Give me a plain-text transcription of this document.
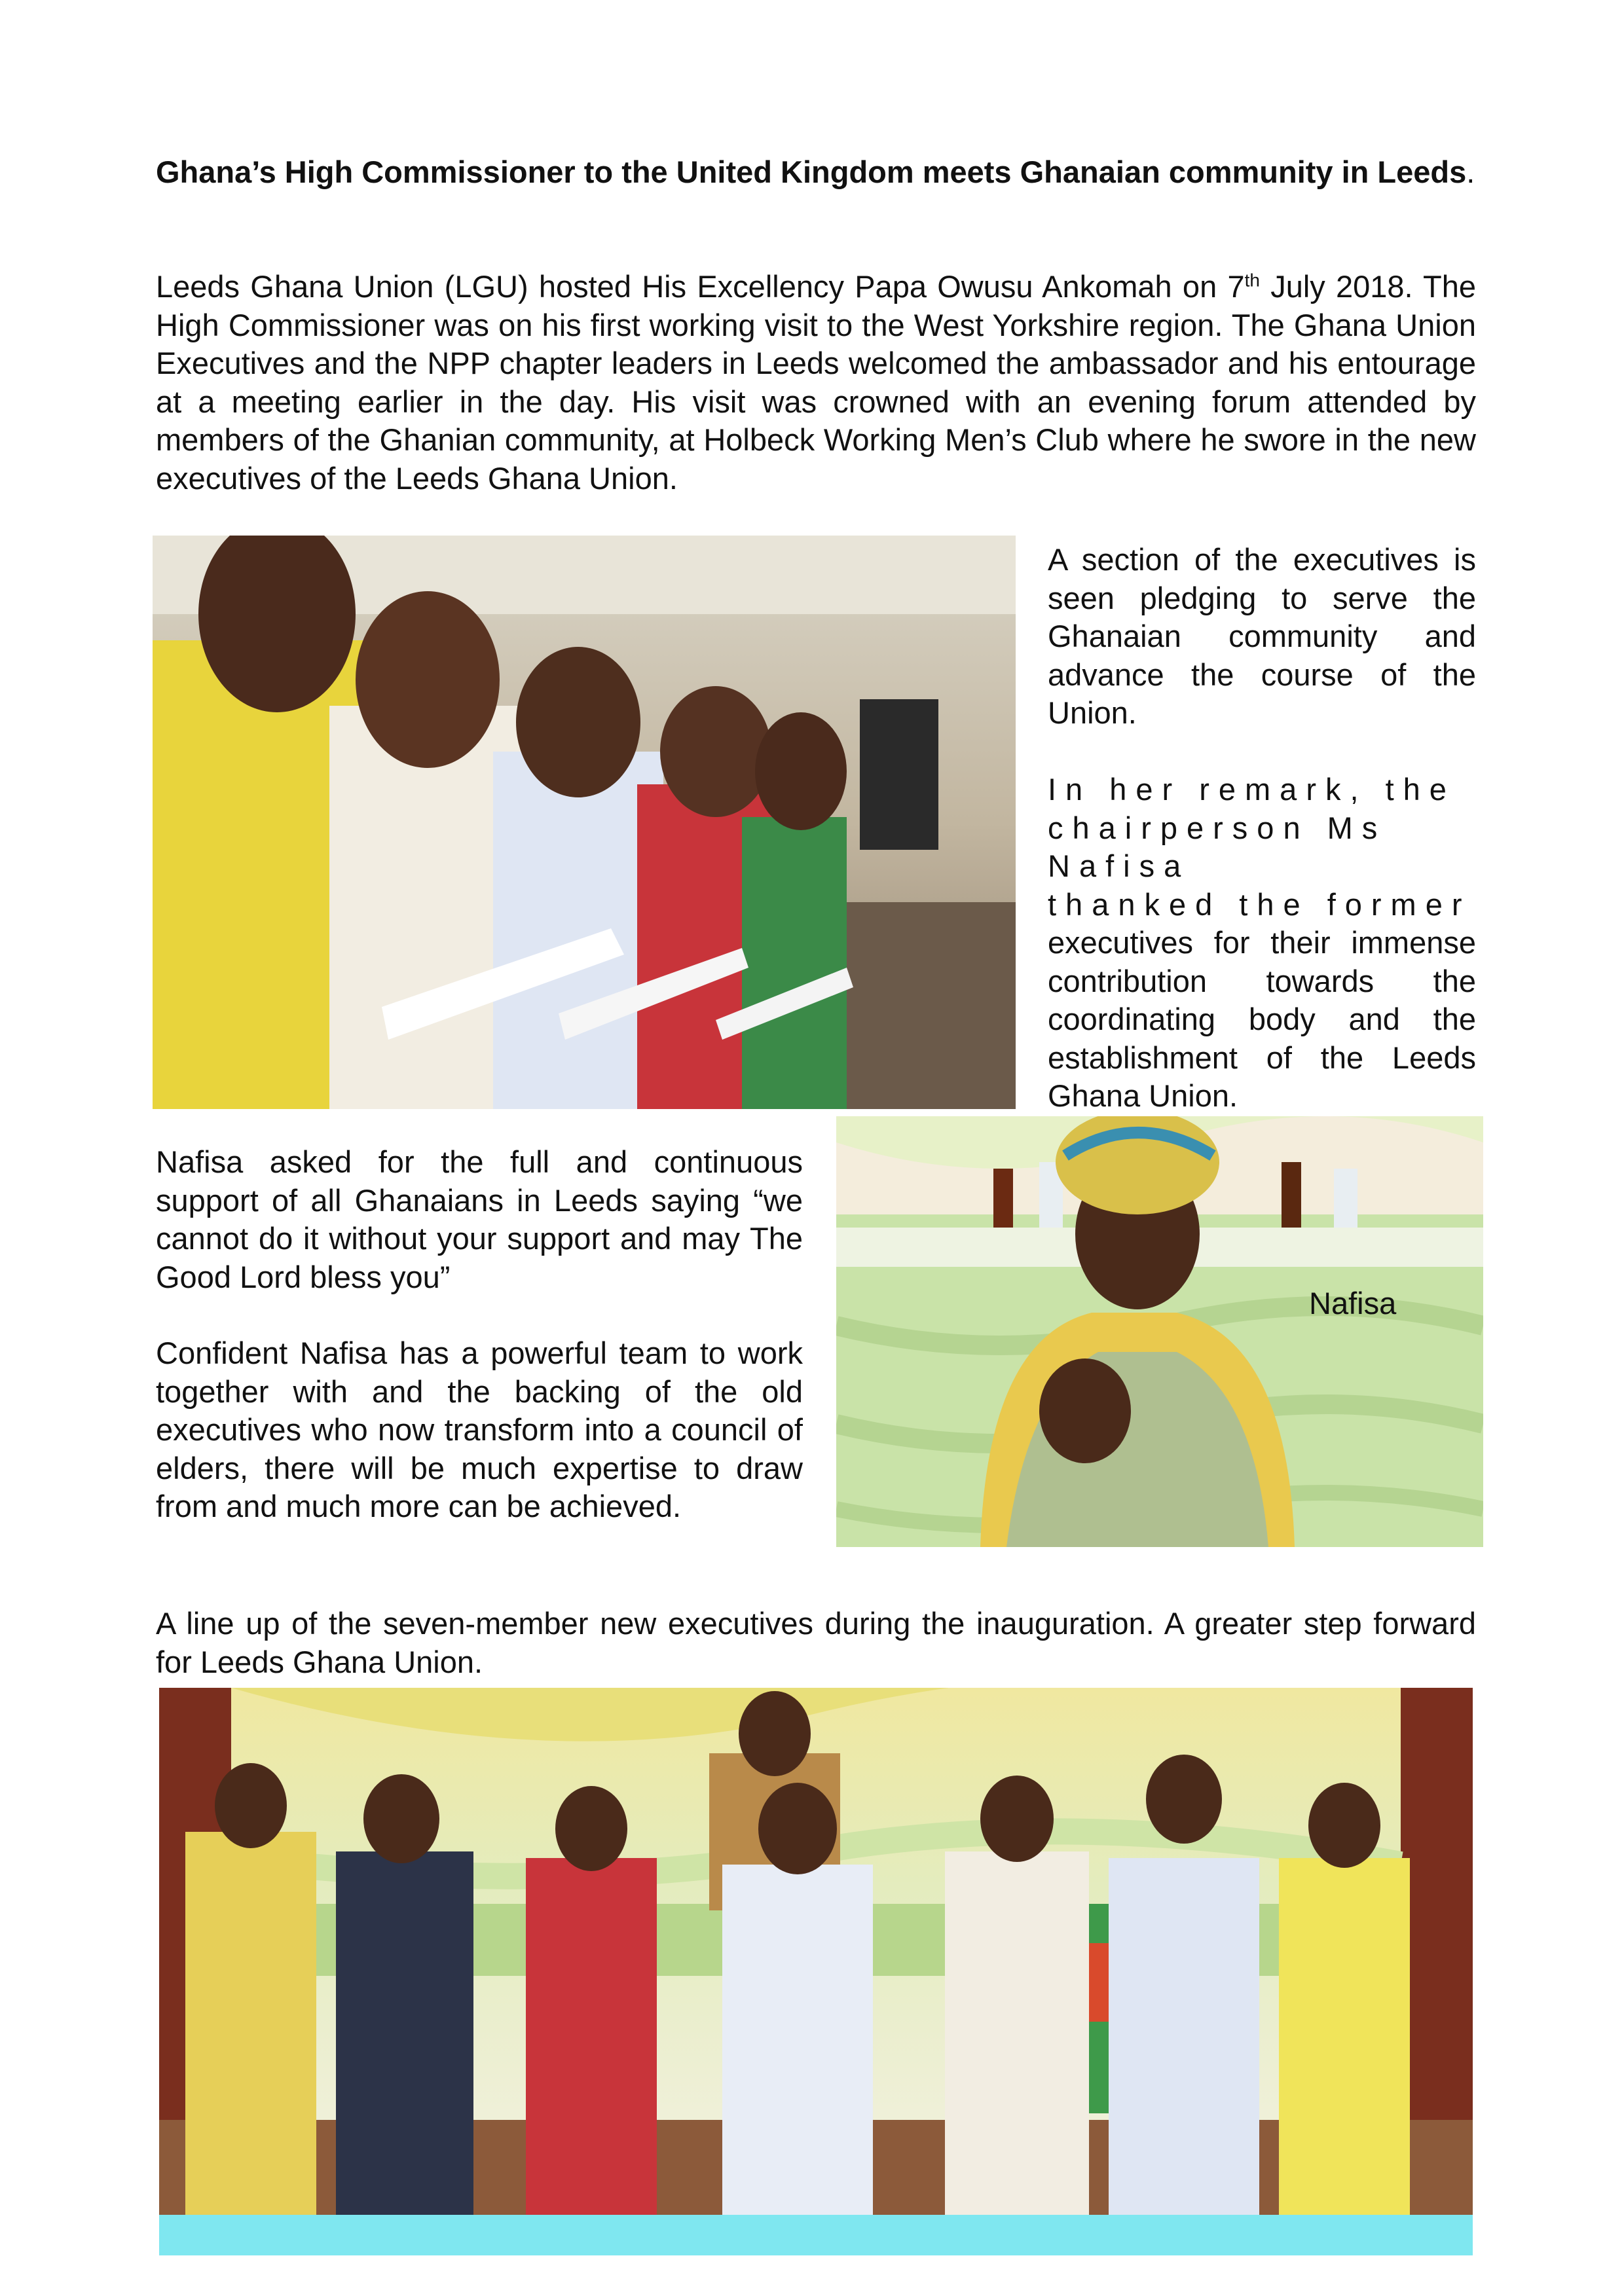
Ghana’s High Commissioner to the United Kingdom meets Ghanaian community in Leeds.

Leeds Ghana Union (LGU) hosted His Excellency Papa Owusu Ankomah on 7th July 2018. The High Commissioner was on his first working visit to the West Yorkshire region. The Ghana Union Executives and the NPP chapter leaders in Leeds welcomed the ambassador and his entourage at a meeting earlier in the day. His visit was crowned with an evening forum attended by members of the Ghanian community, at Holbeck Working Men’s Club where he swore in the new executives of the Leeds Ghana Union.

A section of the executives is seen pledging to serve the Ghanaian community and advance the course of the Union.

In her remark, the

chairperson Ms Nafisa

thanked the former

executives for their immense contribution towards the coordinating body and the establishment of the Leeds Ghana Union.

Nafisa

Nafisa asked for the full and continuous support of all Ghanaians in Leeds saying “we cannot do it without your support and may The Good Lord bless you”

Confident Nafisa has a powerful team to work together with and the backing of the old executives who now transform into a council of elders, there will be much expertise to draw from and much more can be achieved.

A line up of the seven-member new executives during the inauguration. A greater step forward for Leeds Ghana Union.
